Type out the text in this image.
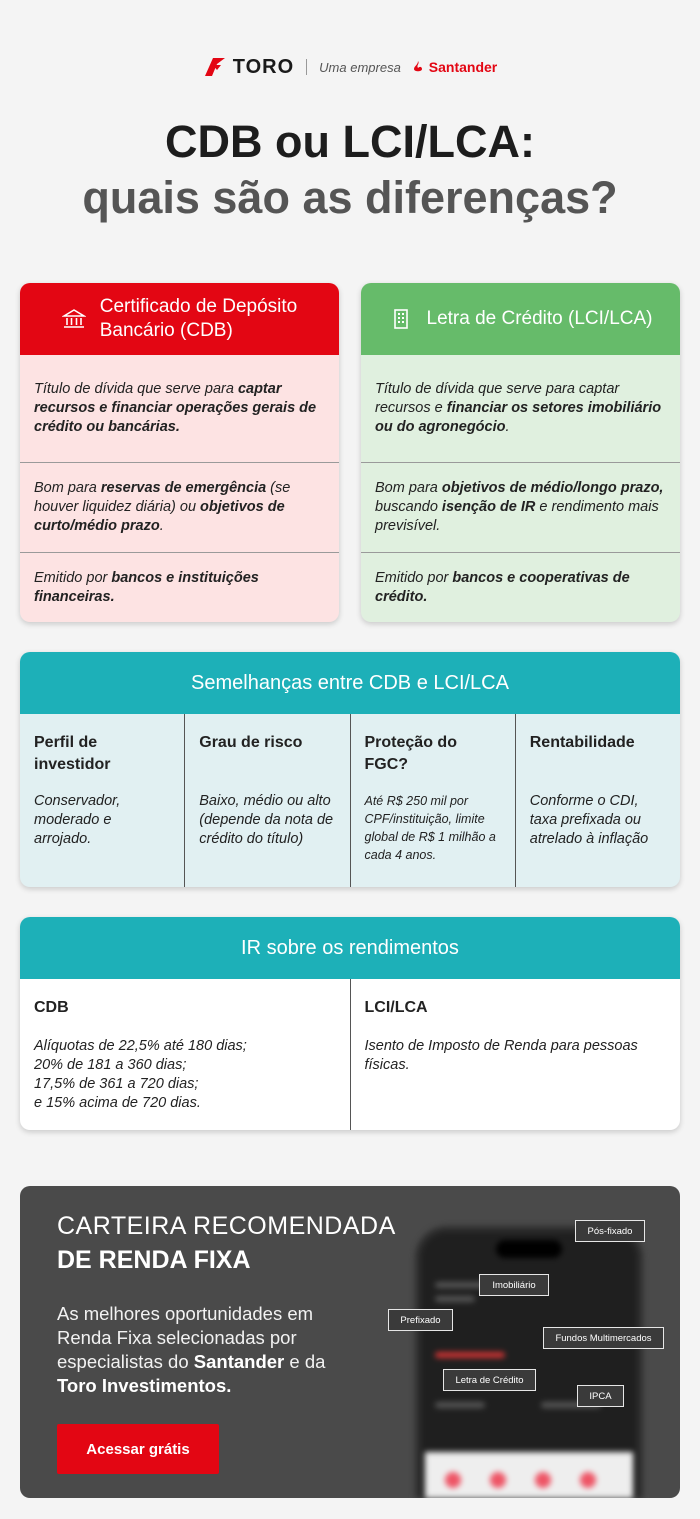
TORO Uma empresa Santander
CDB ou LCI/LCA:
quais são as diferenças?
Certificado de Depósito
Bancário (CDB)

Título de dívida que serve para captar recursos e financiar operações gerais de crédito ou bancárias.

Bom para reservas de emergência (se houver liquidez diária) ou objetivos de curto/médio prazo.

Emitido por bancos e instituições financeiras.

Letra de Crédito (LCI/LCA)

Título de dívida que serve para captar recursos e financiar os setores imobiliário ou do agronegócio.

Bom para objetivos de médio/longo prazo, buscando isenção de IR e rendimento mais previsível.

Emitido por bancos e cooperativas de crédito.

Semelhanças entre CDB e LCI/LCA
Perfil de investidor
Conservador, moderado e arrojado.
Grau de risco
Baixo, médio ou alto (depende da nota de crédito do título)
Proteção do FGC?
Até R$ 250 mil por CPF/instituição, limite global de R$ 1 milhão a cada 4 anos.
Rentabilidade
Conforme o CDI, taxa prefixada ou atrelado à inflação
IR sobre os rendimentos
CDB
Alíquotas de 22,5% até 180 dias;
20% de 181 a 360 dias;
17,5% de 361 a 720 dias;
e 15% acima de 720 dias.
LCI/LCA
Isento de Imposto de Renda para pessoas físicas.
CARTEIRA RECOMENDADA
DE RENDA FIXA

As melhores oportunidades em Renda Fixa selecionadas por especialistas do Santander e da Toro Investimentos.

Acessar grátis
Pós-fixado
Imobiliário
Prefixado
Fundos Multimercados
Letra de Crédito
IPCA
